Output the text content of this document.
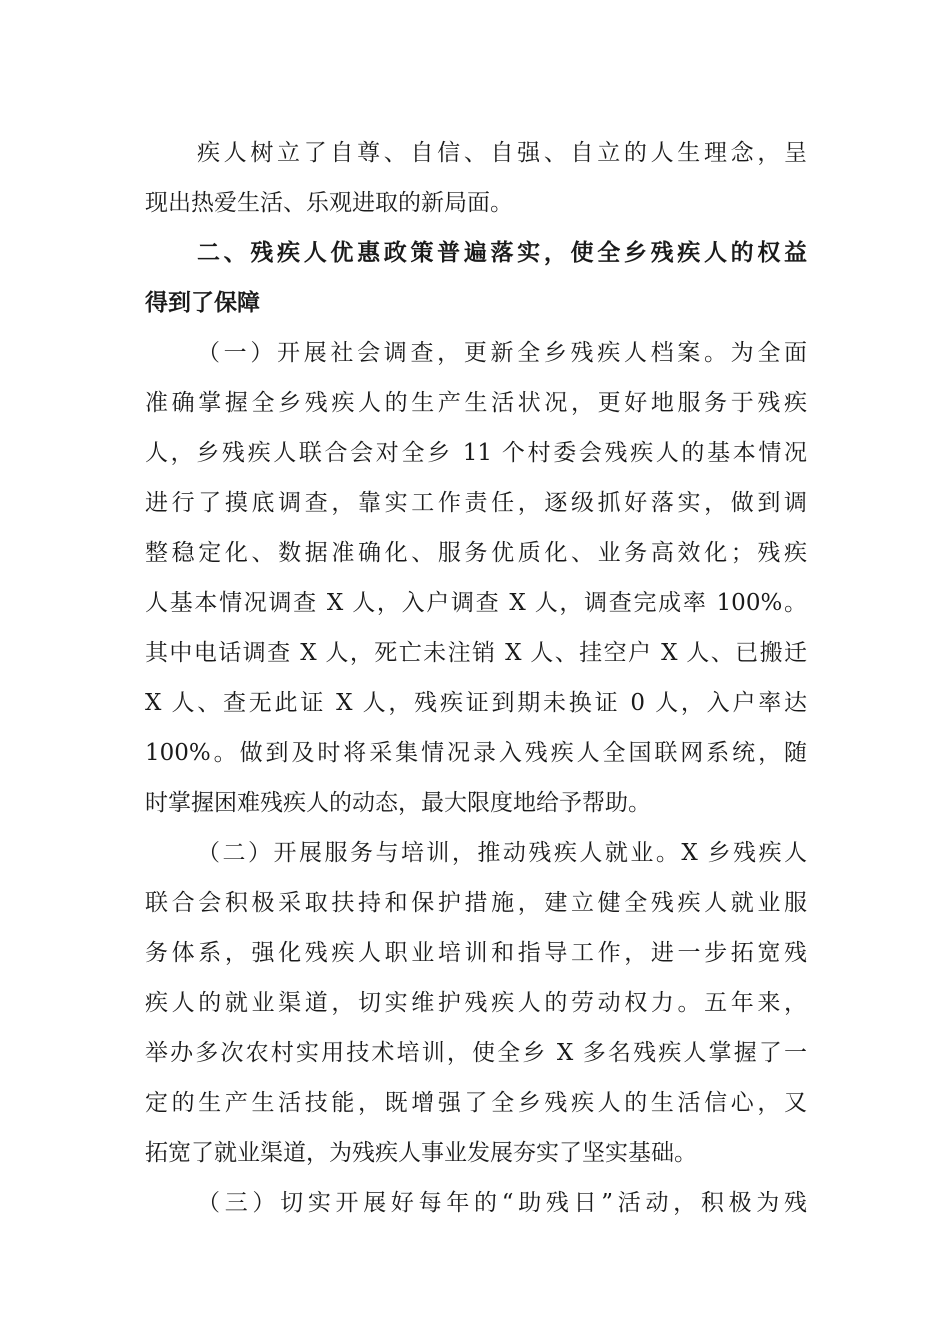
疾人树立了自尊、自信、自强、自立的人生理念，呈
现出热爱生活、乐观进取的新局面。
二、残疾人优惠政策普遍落实，使全乡残疾人的权益
得到了保障
（一）开展社会调查，更新全乡残疾人档案。为全面
准确掌握全乡残疾人的生产生活状况，更好地服务于残疾
人，乡残疾人联合会对全乡 11 个村委会残疾人的基本情况
进行了摸底调查，靠实工作责任，逐级抓好落实，做到调
整稳定化、数据准确化、服务优质化、业务高效化；残疾
人基本情况调查 X 人，入户调查 X 人，调查完成率 100%。
其中电话调查 X 人，死亡未注销 X 人、挂空户 X 人、已搬迁
X 人、查无此证 X 人，残疾证到期未换证 0 人，入户率达
100%。做到及时将采集情况录入残疾人全国联网系统，随
时掌握困难残疾人的动态，最大限度地给予帮助。
（二）开展服务与培训，推动残疾人就业。X 乡残疾人
联合会积极采取扶持和保护措施，建立健全残疾人就业服
务体系，强化残疾人职业培训和指导工作，进一步拓宽残
疾人的就业渠道，切实维护残疾人的劳动权力。五年来，
举办多次农村实用技术培训，使全乡 X 多名残疾人掌握了一
定的生产生活技能，既增强了全乡残疾人的生活信心，又
拓宽了就业渠道，为残疾人事业发展夯实了坚实基础。
（三）切实开展好每年的“助残日”活动，积极为残
